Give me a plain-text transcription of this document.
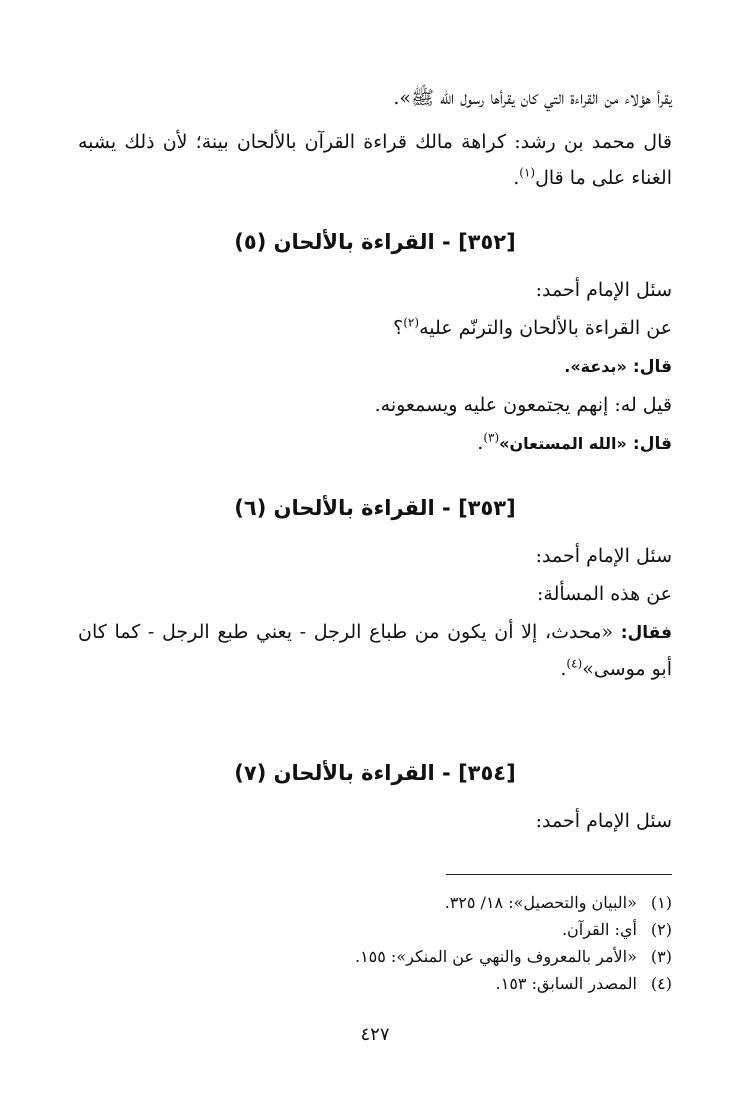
يقرأ هؤلاء من القراءة التي كان يقرأها رسول الله ﷺ».

قال محمد بن رشد: كراهة مالك قراءة القرآن بالألحان بينة؛ لأن ذلك يشبه الغناء على ما قال$^{(١)}$.

[٣٥٢] - القراءة بالألحان (٥)

سئل الإمام أحمد:

عن القراءة بالألحان والترنّم عليه$^{(٢)}$؟

قال: «بدعة».

قيل له: إنهم يجتمعون عليه ويسمعونه.

قال: «الله المستعان»$^{(٣)}$.

[٣٥٣] - القراءة بالألحان (٦)

سئل الإمام أحمد:

عن هذه المسألة:

فقال: «محدث، إلا أن يكون من طباع الرجل - يعني طبع الرجل - كما كان أبو موسى»$^{(٤)}$.

[٣٥٤] - القراءة بالألحان (٧)

سئل الإمام أحمد:

(١) «البيان والتحصيل»: ١٨/ ٣٢٥.

(٢) أي: القرآن.

(٣) «الأمر بالمعروف والنهي عن المنكر»: ١٥٥.

(٤) المصدر السابق: ١٥٣.

٤٢٧
